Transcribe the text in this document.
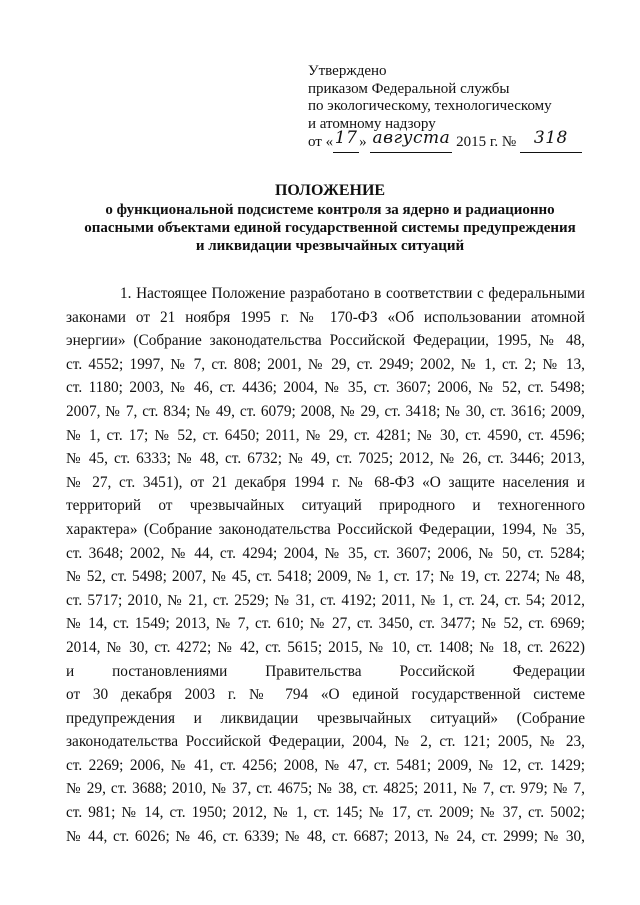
Утверждено
приказом Федеральной службы
по экологическому, технологическому
и атомному надзору
от «17 » августа 2015 г. № 318
ПОЛОЖЕНИЕ
о функциональной подсистеме контроля за ядерно и радиационно
опасными объектами единой государственной системы предупреждения
и ликвидации чрезвычайных ситуаций
1. Настоящее Положение разработано в соответствии с федеральными
законами от 21 ноября 1995 г. № 170-ФЗ «Об использовании атомной
энергии» (Собрание законодательства Российской Федерации, 1995, № 48,
ст. 4552; 1997, № 7, ст. 808; 2001, № 29, ст. 2949; 2002, № 1, ст. 2; № 13,
ст. 1180; 2003, № 46, ст. 4436; 2004, № 35, ст. 3607; 2006, № 52, ст. 5498;
2007, № 7, ст. 834; № 49, ст. 6079; 2008, № 29, ст. 3418; № 30, ст. 3616; 2009,
№ 1, ст. 17; № 52, ст. 6450; 2011, № 29, ст. 4281; № 30, ст. 4590, ст. 4596;
№ 45, ст. 6333; № 48, ст. 6732; № 49, ст. 7025; 2012, № 26, ст. 3446; 2013,
№ 27, ст. 3451), от 21 декабря 1994 г. № 68-ФЗ «О защите населения и
территорий от чрезвычайных ситуаций природного и техногенного
характера» (Собрание законодательства Российской Федерации, 1994, № 35,
ст. 3648; 2002, № 44, ст. 4294; 2004, № 35, ст. 3607; 2006, № 50, ст. 5284;
№ 52, ст. 5498; 2007, № 45, ст. 5418; 2009, № 1, ст. 17; № 19, ст. 2274; № 48,
ст. 5717; 2010, № 21, ст. 2529; № 31, ст. 4192; 2011, № 1, ст. 24, ст. 54; 2012,
№ 14, ст. 1549; 2013, № 7, ст. 610; № 27, ст. 3450, ст. 3477; № 52, ст. 6969;
2014, № 30, ст. 4272; № 42, ст. 5615; 2015, № 10, ст. 1408; № 18, ст. 2622)
и постановлениями Правительства Российской Федерации
от 30 декабря 2003 г. № 794 «О единой государственной системе
предупреждения и ликвидации чрезвычайных ситуаций» (Собрание
законодательства Российской Федерации, 2004, № 2, ст. 121; 2005, № 23,
ст. 2269; 2006, № 41, ст. 4256; 2008, № 47, ст. 5481; 2009, № 12, ст. 1429;
№ 29, ст. 3688; 2010, № 37, ст. 4675; № 38, ст. 4825; 2011, № 7, ст. 979; № 7,
ст. 981; № 14, ст. 1950; 2012, № 1, ст. 145; № 17, ст. 2009; № 37, ст. 5002;
№ 44, ст. 6026; № 46, ст. 6339; № 48, ст. 6687; 2013, № 24, ст. 2999; № 30,
